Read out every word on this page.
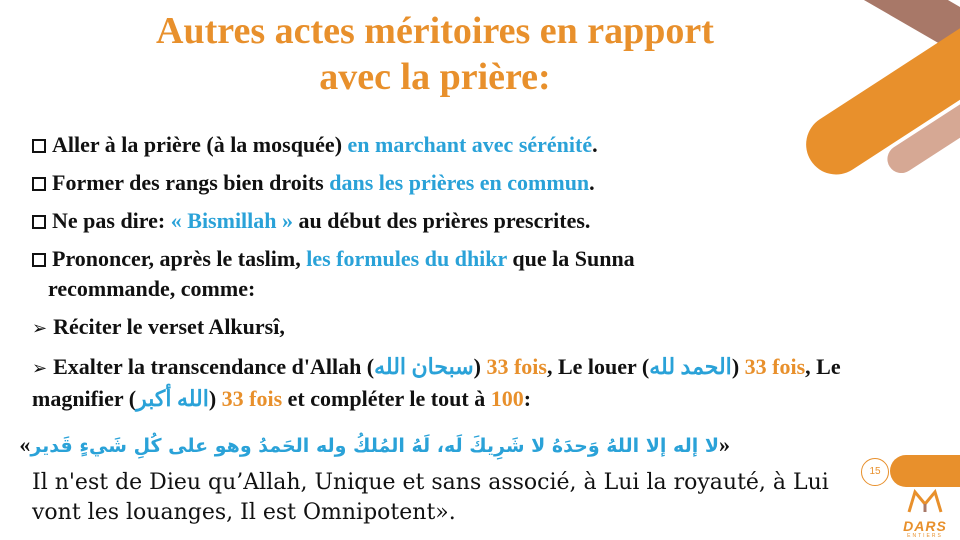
Autres actes méritoires en rapport
avec la prière:
Aller à la prière (à la mosquée) en marchant avec sérénité.
Former des rangs bien droits dans les prières en commun.
Ne pas dire: « Bismillah » au début des prières prescrites.
Prononcer, après le taslim, les formules du dhikr que la Sunna
recommande, comme:
➢ Réciter le verset Alkursî,
➢ Exalter la transcendance d'Allah (سبحان الله) 33 fois, Le louer (الحمد لله) 33 fois, Le magnifier (الله أكبر) 33 fois et compléter le tout à 100:
«لا إله إلا اللهُ وَحدَهُ لا شَرِيكَ لَه، لَهُ المُلكُ وله الحَمدُ وهو على كُلِ شَيءٍ قَدير»
Il n'est de Dieu qu’Allah, Unique et sans associé, à Lui la royauté, à Lui vont les louanges, Il est Omnipotent».
15
DARS
ENTIERS
